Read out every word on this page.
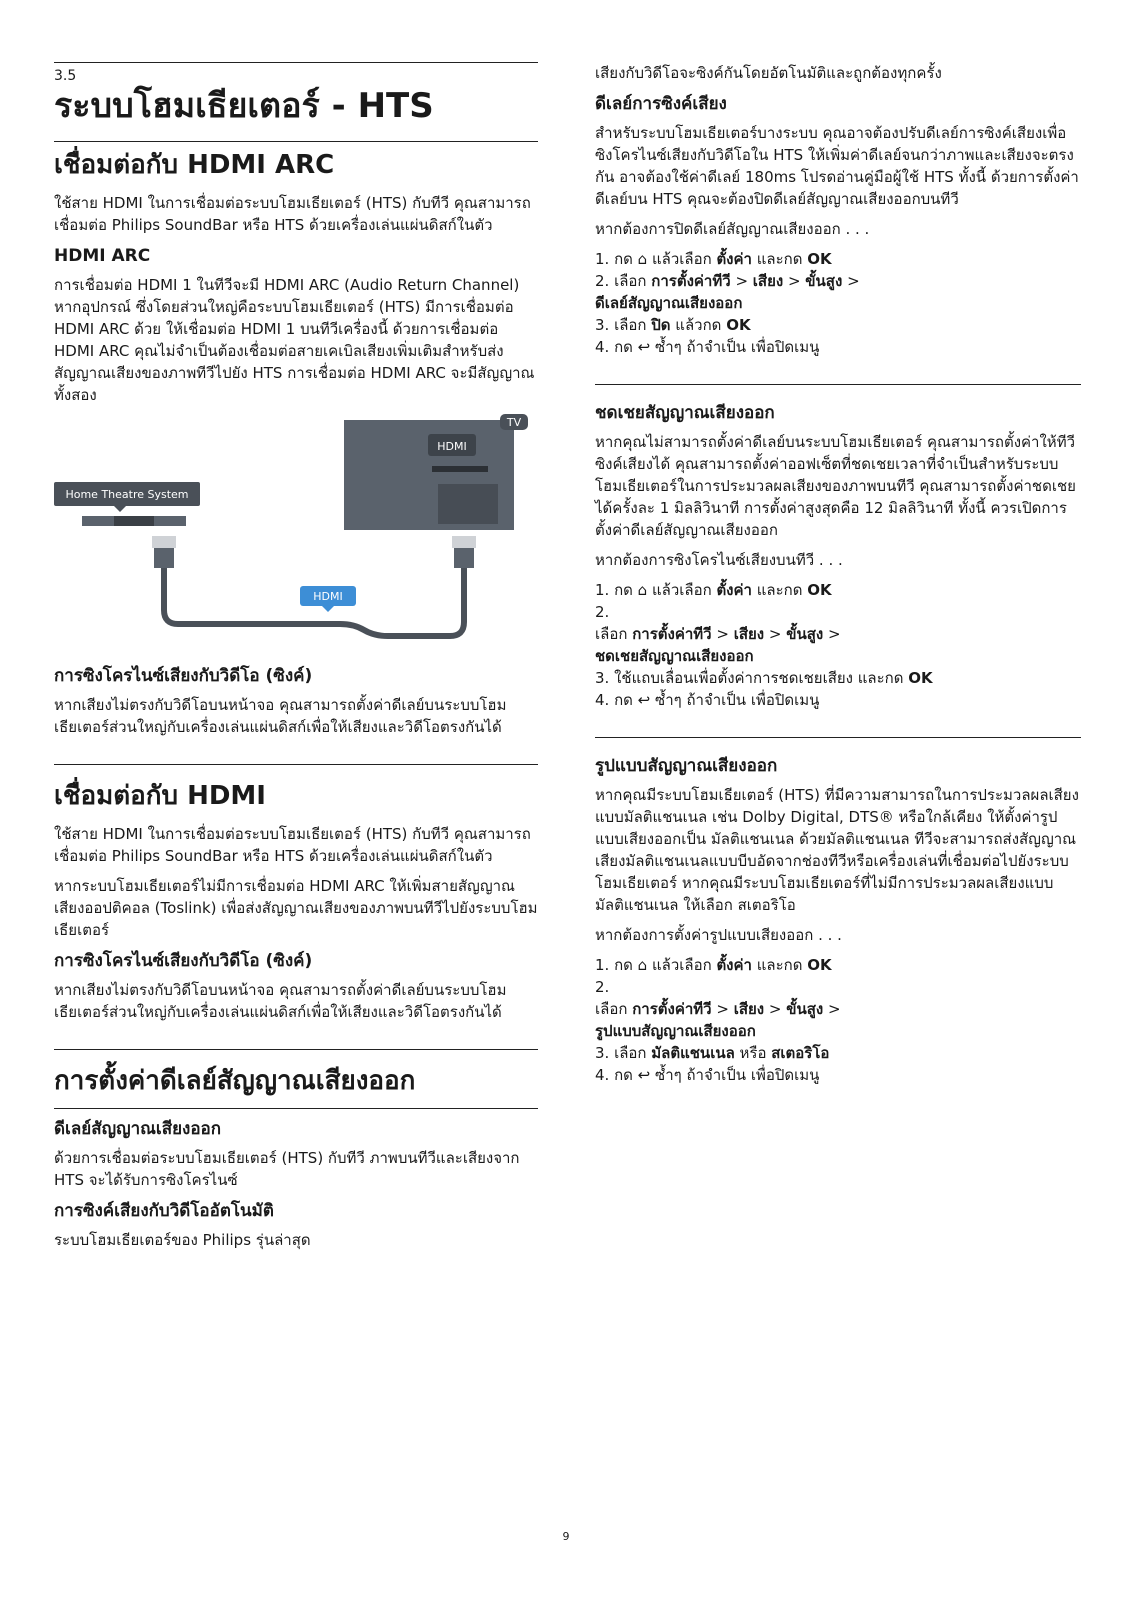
3.5
ระบบโฮมเธียเตอร์ - HTS
เชื่อมต่อกับ HDMI ARC

ใช้สาย HDMI ในการเชื่อมต่อระบบโฮมเธียเตอร์ (HTS) กับทีวี คุณสามารถเชื่อมต่อ Philips SoundBar หรือ HTS ด้วยเครื่องเล่นแผ่นดิสก์ในตัว

HDMI ARC

การเชื่อมต่อ HDMI 1 ในทีวีจะมี HDMI ARC (Audio Return Channel) หากอุปกรณ์ ซึ่งโดยส่วนใหญ่คือระบบโฮมเธียเตอร์ (HTS) มีการเชื่อมต่อ HDMI ARC ด้วย ให้เชื่อมต่อ HDMI 1 บนทีวีเครื่องนี้ ด้วยการเชื่อมต่อ HDMI ARC คุณไม่จำเป็นต้องเชื่อมต่อสายเคเบิลเสียงเพิ่มเติมสำหรับส่งสัญญาณเสียงของภาพทีวีไปยัง HTS การเชื่อมต่อ HDMI ARC จะมีสัญญาณทั้งสอง

TV
HDMI
Home Theatre System
HDMI
การซิงโครไนซ์เสียงกับวิดีโอ (ซิงค์)

หากเสียงไม่ตรงกับวิดีโอบนหน้าจอ คุณสามารถตั้งค่าดีเลย์บนระบบโฮมเธียเตอร์ส่วนใหญ่กับเครื่องเล่นแผ่นดิสก์เพื่อให้เสียงและวิดีโอตรงกันได้

เชื่อมต่อกับ HDMI

ใช้สาย HDMI ในการเชื่อมต่อระบบโฮมเธียเตอร์ (HTS) กับทีวี คุณสามารถเชื่อมต่อ Philips SoundBar หรือ HTS ด้วยเครื่องเล่นแผ่นดิสก์ในตัว

หากระบบโฮมเธียเตอร์ไม่มีการเชื่อมต่อ HDMI ARC ให้เพิ่มสายสัญญาณเสียงออปติคอล (Toslink) เพื่อส่งสัญญาณเสียงของภาพบนทีวีไปยังระบบโฮมเธียเตอร์

การซิงโครไนซ์เสียงกับวิดีโอ (ซิงค์)

หากเสียงไม่ตรงกับวิดีโอบนหน้าจอ คุณสามารถตั้งค่าดีเลย์บนระบบโฮมเธียเตอร์ส่วนใหญ่กับเครื่องเล่นแผ่นดิสก์เพื่อให้เสียงและวิดีโอตรงกันได้

การตั้งค่าดีเลย์สัญญาณเสียงออก
ดีเลย์สัญญาณเสียงออก

ด้วยการเชื่อมต่อระบบโฮมเธียเตอร์ (HTS) กับทีวี ภาพบนทีวีและเสียงจาก HTS จะได้รับการซิงโครไนซ์

การซิงค์เสียงกับวิดีโออัตโนมัติ

ระบบโฮมเธียเตอร์ของ Philips รุ่นล่าสุด

เสียงกับวิดีโอจะซิงค์กันโดยอัตโนมัติและถูกต้องทุกครั้ง

ดีเลย์การซิงค์เสียง

สำหรับระบบโฮมเธียเตอร์บางระบบ คุณอาจต้องปรับดีเลย์การซิงค์เสียงเพื่อซิงโครไนซ์เสียงกับวิดีโอใน HTS ให้เพิ่มค่าดีเลย์จนกว่าภาพและเสียงจะตรงกัน อาจต้องใช้ค่าดีเลย์ 180ms โปรดอ่านคู่มือผู้ใช้ HTS ทั้งนี้ ด้วยการตั้งค่าดีเลย์บน HTS คุณจะต้องปิดดีเลย์สัญญาณเสียงออกบนทีวี

หากต้องการปิดดีเลย์สัญญาณเสียงออก . . .

1. กด ⌂ แล้วเลือก ตั้งค่า และกด OK
2. เลือก การตั้งค่าทีวี > เสียง > ขั้นสูง >
ดีเลย์สัญญาณเสียงออก
3. เลือก ปิด แล้วกด OK
4. กด ↩ ซ้ำๆ ถ้าจำเป็น เพื่อปิดเมนู
ชดเชยสัญญาณเสียงออก

หากคุณไม่สามารถตั้งค่าดีเลย์บนระบบโฮมเธียเตอร์ คุณสามารถตั้งค่าให้ทีวีซิงค์เสียงได้ คุณสามารถตั้งค่าออฟเซ็ตที่ชดเชยเวลาที่จำเป็นสำหรับระบบโฮมเธียเตอร์ในการประมวลผลเสียงของภาพบนทีวี คุณสามารถตั้งค่าชดเชยได้ครั้งละ 1 มิลลิวินาที การตั้งค่าสูงสุดคือ 12 มิลลิวินาที ทั้งนี้ ควรเปิดการตั้งค่าดีเลย์สัญญาณเสียงออก

หากต้องการซิงโครไนซ์เสียงบนทีวี . . .

1. กด ⌂ แล้วเลือก ตั้งค่า และกด OK
2.
เลือก การตั้งค่าทีวี > เสียง > ขั้นสูง >
ชดเชยสัญญาณเสียงออก
3. ใช้แถบเลื่อนเพื่อตั้งค่าการชดเชยเสียง และกด OK
4. กด ↩ ซ้ำๆ ถ้าจำเป็น เพื่อปิดเมนู
รูปแบบสัญญาณเสียงออก

หากคุณมีระบบโฮมเธียเตอร์ (HTS) ที่มีความสามารถในการประมวลผลเสียงแบบมัลติแชนเนล เช่น Dolby Digital, DTS® หรือใกล้เคียง ให้ตั้งค่ารูปแบบเสียงออกเป็น มัลติแชนเนล ด้วยมัลติแชนเนล ทีวีจะสามารถส่งสัญญาณเสียงมัลติแชนเนลแบบบีบอัดจากช่องทีวีหรือเครื่องเล่นที่เชื่อมต่อไปยังระบบโฮมเธียเตอร์ หากคุณมีระบบโฮมเธียเตอร์ที่ไม่มีการประมวลผลเสียงแบบมัลติแชนเนล ให้เลือก สเตอริโอ

หากต้องการตั้งค่ารูปแบบเสียงออก . . .

1. กด ⌂ แล้วเลือก ตั้งค่า และกด OK
2.
เลือก การตั้งค่าทีวี > เสียง > ขั้นสูง >
รูปแบบสัญญาณเสียงออก
3. เลือก มัลติแชนเนล หรือ สเตอริโอ
4. กด ↩ ซ้ำๆ ถ้าจำเป็น เพื่อปิดเมนู
9
